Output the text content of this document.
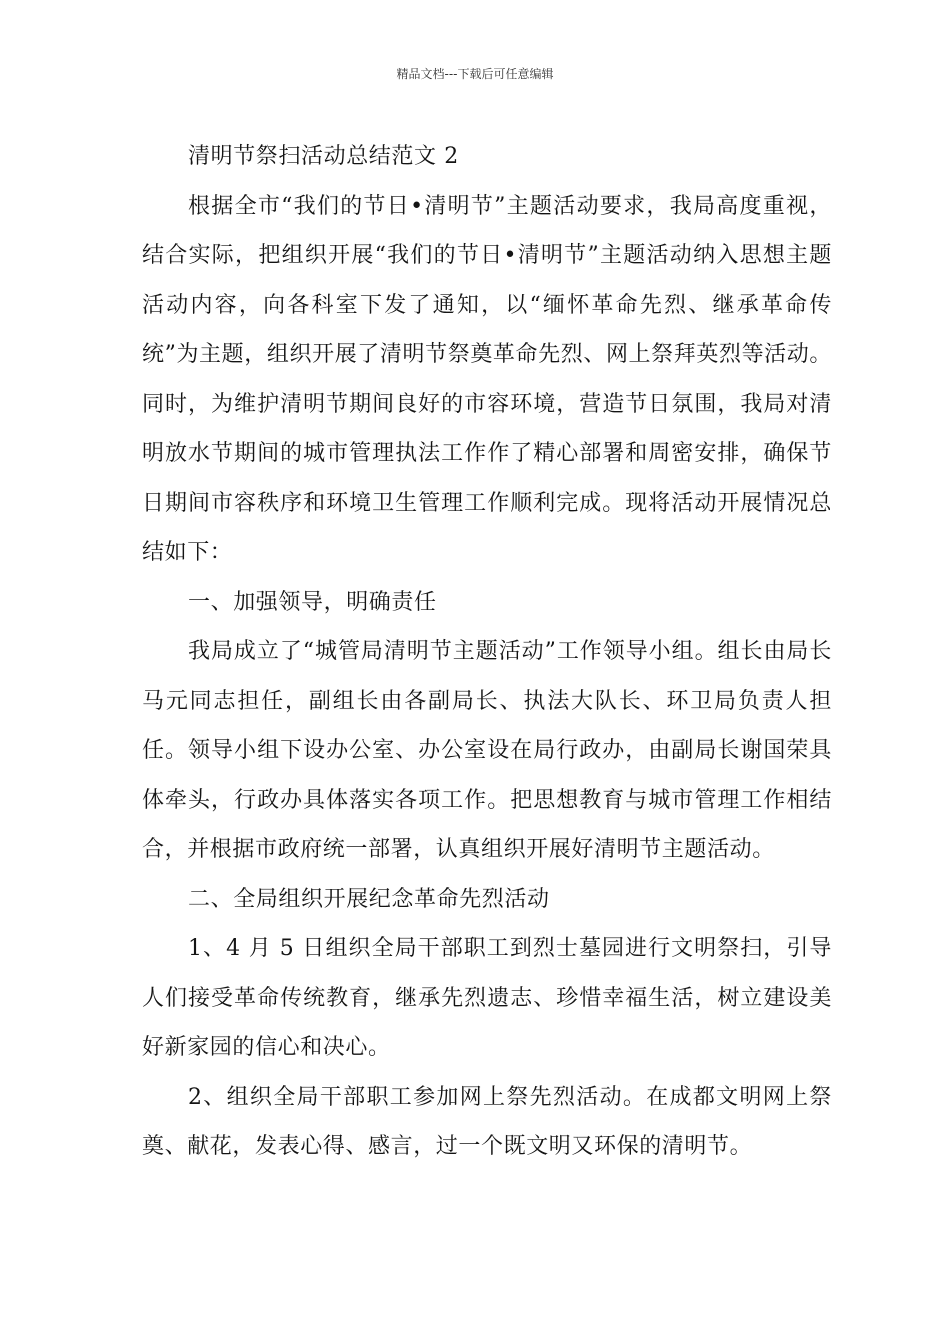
精品文档---下载后可任意编辑

清明节祭扫活动总结范文 2

根据全市“我们的节日•清明节”主题活动要求，我局高度重视，结合实际，把组织开展“我们的节日•清明节”主题活动纳入思想主题活动内容，向各科室下发了通知，以“缅怀革命先烈、继承革命传统”为主题，组织开展了清明节祭奠革命先烈、网上祭拜英烈等活动。同时，为维护清明节期间良好的市容环境，营造节日氛围，我局对清明放水节期间的城市管理执法工作作了精心部署和周密安排，确保节日期间市容秩序和环境卫生管理工作顺利完成。现将活动开展情况总结如下：

一、加强领导，明确责任

我局成立了“城管局清明节主题活动”工作领导小组。组长由局长马元同志担任，副组长由各副局长、执法大队长、环卫局负责人担任。领导小组下设办公室、办公室设在局行政办，由副局长谢国荣具体牵头，行政办具体落实各项工作。把思想教育与城市管理工作相结合，并根据市政府统一部署，认真组织开展好清明节主题活动。

二、全局组织开展纪念革命先烈活动

1、4 月 5 日组织全局干部职工到烈士墓园进行文明祭扫，引导人们接受革命传统教育，继承先烈遗志、珍惜幸福生活，树立建设美好新家园的信心和决心。

2、组织全局干部职工参加网上祭先烈活动。在成都文明网上祭奠、献花，发表心得、感言，过一个既文明又环保的清明节。
